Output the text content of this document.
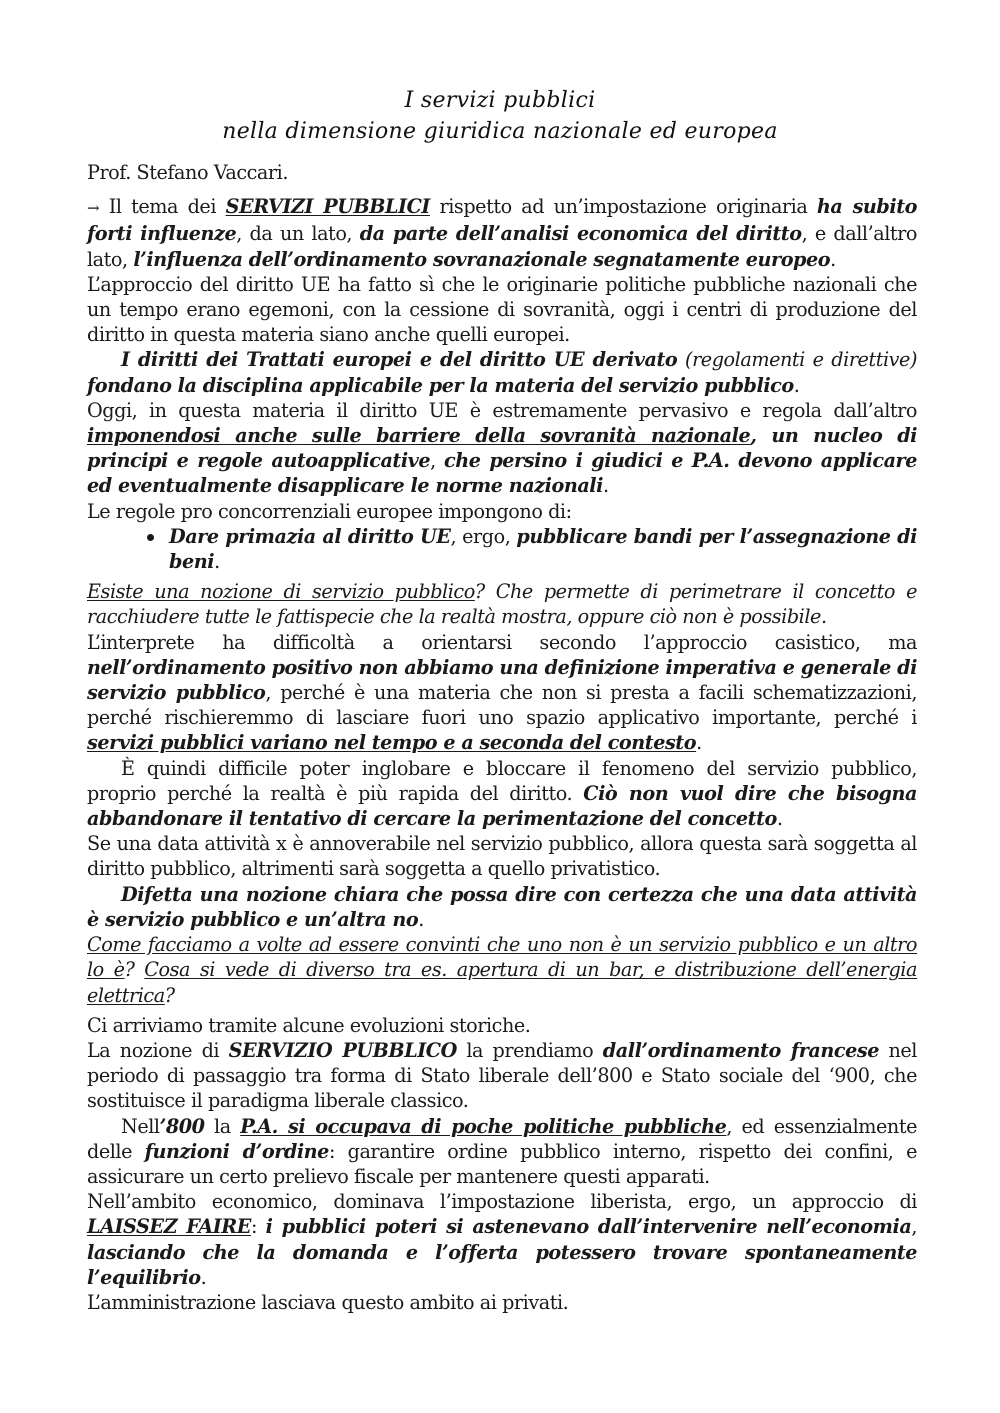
I servizi pubblici
nella dimensione giuridica nazionale ed europea

Prof. Stefano Vaccari.

→ Il tema dei SERVIZI PUBBLICI rispetto ad un’impostazione originaria ha subito forti influenze, da un lato, da parte dell’analisi economica del diritto, e dall’altro lato, l’influenza dell’ordinamento sovranazionale segnatamente europeo.

L’approccio del diritto UE ha fatto sì che le originarie politiche pubbliche nazionali che un tempo erano egemoni, con la cessione di sovranità, oggi i centri di produzione del diritto in questa materia siano anche quelli europei.

I diritti dei Trattati europei e del diritto UE derivato (regolamenti e direttive) fondano la disciplina applicabile per la materia del servizio pubblico.

Oggi, in questa materia il diritto UE è estremamente pervasivo e regola dall’altro imponendosi anche sulle barriere della sovranità nazionale, un nucleo di principi e regole autoapplicative, che persino i giudici e P.A. devono applicare ed eventualmente disapplicare le norme nazionali.

Le regole pro concorrenziali europee impongono di:

Dare primazia al diritto UE, ergo, pubblicare bandi per l’assegnazione di beni.

Esiste una nozione di servizio pubblico? Che permette di perimetrare il concetto e racchiudere tutte le fattispecie che la realtà mostra, oppure ciò non è possibile.

L’interprete ha difficoltà a orientarsi secondo l’approccio casistico, ma nell’ordinamento positivo non abbiamo una definizione imperativa e generale di servizio pubblico, perché è una materia che non si presta a facili schematizzazioni, perché rischieremmo di lasciare fuori uno spazio applicativo importante, perché i servizi pubblici variano nel tempo e a seconda del contesto.

È quindi difficile poter inglobare e bloccare il fenomeno del servizio pubblico, proprio perché la realtà è più rapida del diritto. Ciò non vuol dire che bisogna abbandonare il tentativo di cercare la perimentazione del concetto.

Se una data attività x è annoverabile nel servizio pubblico, allora questa sarà soggetta al diritto pubblico, altrimenti sarà soggetta a quello privatistico.

Difetta una nozione chiara che possa dire con certezza che una data attività è servizio pubblico e un’altra no.

Come facciamo a volte ad essere convinti che uno non è un servizio pubblico e un altro lo è? Cosa si vede di diverso tra es. apertura di un bar, e distribuzione dell’energia elettrica?

Ci arriviamo tramite alcune evoluzioni storiche.

La nozione di SERVIZIO PUBBLICO la prendiamo dall’ordinamento francese nel periodo di passaggio tra forma di Stato liberale dell’800 e Stato sociale del ‘900, che sostituisce il paradigma liberale classico.

Nell’800 la P.A. si occupava di poche politiche pubbliche, ed essenzialmente delle funzioni d’ordine: garantire ordine pubblico interno, rispetto dei confini, e assicurare un certo prelievo fiscale per mantenere questi apparati.

Nell’ambito economico, dominava l’impostazione liberista, ergo, un approccio di LAISSEZ FAIRE: i pubblici poteri si astenevano dall’intervenire nell’economia, lasciando che la domanda e l’offerta potessero trovare spontaneamente l’equilibrio.

L’amministrazione lasciava questo ambito ai privati.
